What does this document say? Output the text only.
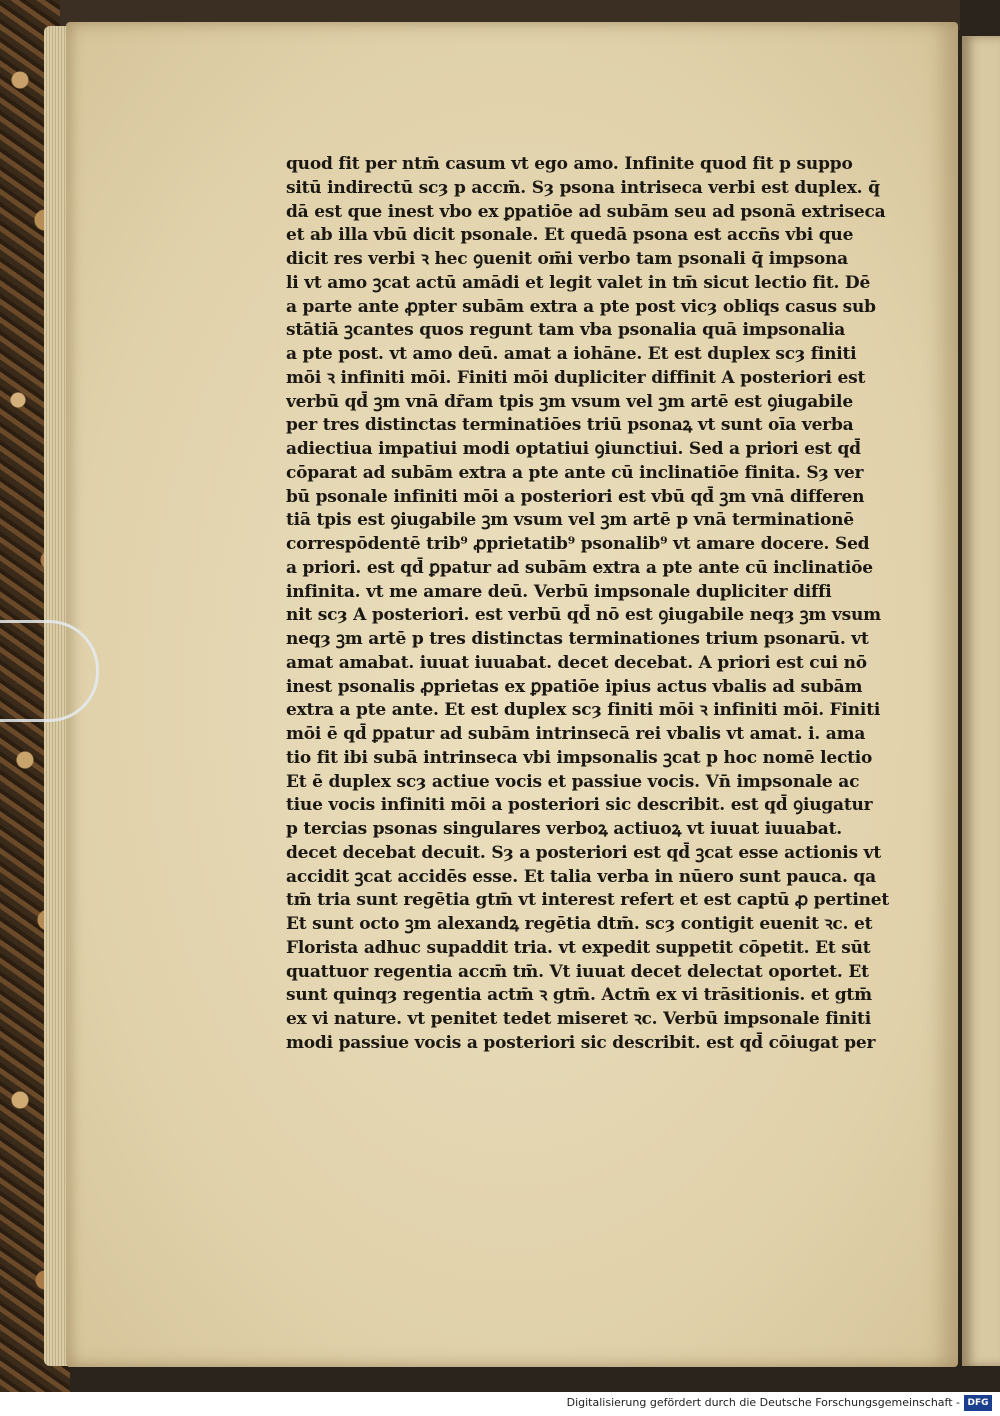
quod fit per ntm̄ casum vt ego amo. Infinite quod fit p suppo
sitū indirectū scȝ p accm̄. Sȝ psona intriseca verbi est duplex. q̄
dā est que inest vbo ex ꝑpatiōe ad subām seu ad psonā extriseca
et ab illa vbū dicit psonale. Et quedā psona est accn̄s vbi que
dicit res verbi ꝛ hec ꝯuenit om̄i verbo tam psonali q̄ impsona
li vt amo ꝫcat actū amādi et legit valet in tm̄ sicut lectio fit. Dē
a parte ante ꝓpter subām extra a pte post vicȝ obliqs casus sub
stātiā ꝫcantes quos regunt tam vba psonalia quā impsonalia
a pte post. vt amo deū. amat a iohāne. Et est duplex scȝ finiti
mōi ꝛ infiniti mōi. Finiti mōi dupliciter diffinit A posteriori est
verbū qd̄ ꝫm vnā dr̄am tpis ꝫm vsum vel ꝫm artē est ꝯiugabile
per tres distinctas terminatiōes triū psonaꝝ vt sunt oīa verba
adiectiua impatiui modi optatiui ꝯiunctiui. Sed a priori est qd̄
cōparat ad subām extra a pte ante cū inclinatiōe finita. Sȝ ver
bū psonale infiniti mōi a posteriori est vbū qd̄ ꝫm vnā differen
tiā tpis est ꝯiugabile ꝫm vsum vel ꝫm artē p vnā terminationē
correspōdentē trib⁹ ꝓprietatib⁹ psonalib⁹ vt amare docere. Sed
a priori. est qd̄ ꝑpatur ad subām extra a pte ante cū inclinatiōe
infinita. vt me amare deū. Verbū impsonale dupliciter diffi
nit scȝ A posteriori. est verbū qd̄ nō est ꝯiugabile neqȝ ꝫm vsum
neqȝ ꝫm artē p tres distinctas terminationes trium psonarū. vt
amat amabat. iuuat iuuabat. decet decebat. A priori est cui nō
inest psonalis ꝓprietas ex ꝑpatiōe ipius actus vbalis ad subām
extra a pte ante. Et est duplex scȝ finiti mōi ꝛ infiniti mōi. Finiti
mōi ē qd̄ ꝑpatur ad subām intrinsecā rei vbalis vt amat. i. ama
tio fit ibi subā intrinseca vbi impsonalis ꝫcat p hoc nomē lectio
Et ē duplex scȝ actiue vocis et passiue vocis. Vn̄ impsonale ac
tiue vocis infiniti mōi a posteriori sic describit. est qd̄ ꝯiugatur
p tercias psonas singulares verboꝝ actiuoꝝ vt iuuat iuuabat.
decet decebat decuit. Sȝ a posteriori est qd̄ ꝫcat esse actionis vt
accidit ꝫcat accidēs esse. Et talia verba in nūero sunt pauca. qa
tm̄ tria sunt regētia gtm̄ vt interest refert et est captū ꝓ pertinet
Et sunt octo ꝫm alexandꝝ regētia dtm̄. scȝ contigit euenit ꝛc. et
Florista adhuc supaddit tria. vt expedit suppetit cōpetit. Et sūt
quattuor regentia accm̄ tm̄. Vt iuuat decet delectat oportet. Et
sunt quinqȝ regentia actm̄ ꝛ gtm̄. Actm̄ ex vi trāsitionis. et gtm̄
ex vi nature. vt penitet tedet miseret ꝛc. Verbū impsonale finiti
modi passiue vocis a posteriori sic describit. est qd̄ cōiugat per
Digitalisierung gefördert durch die Deutsche Forschungsgemeinschaft - DFG
